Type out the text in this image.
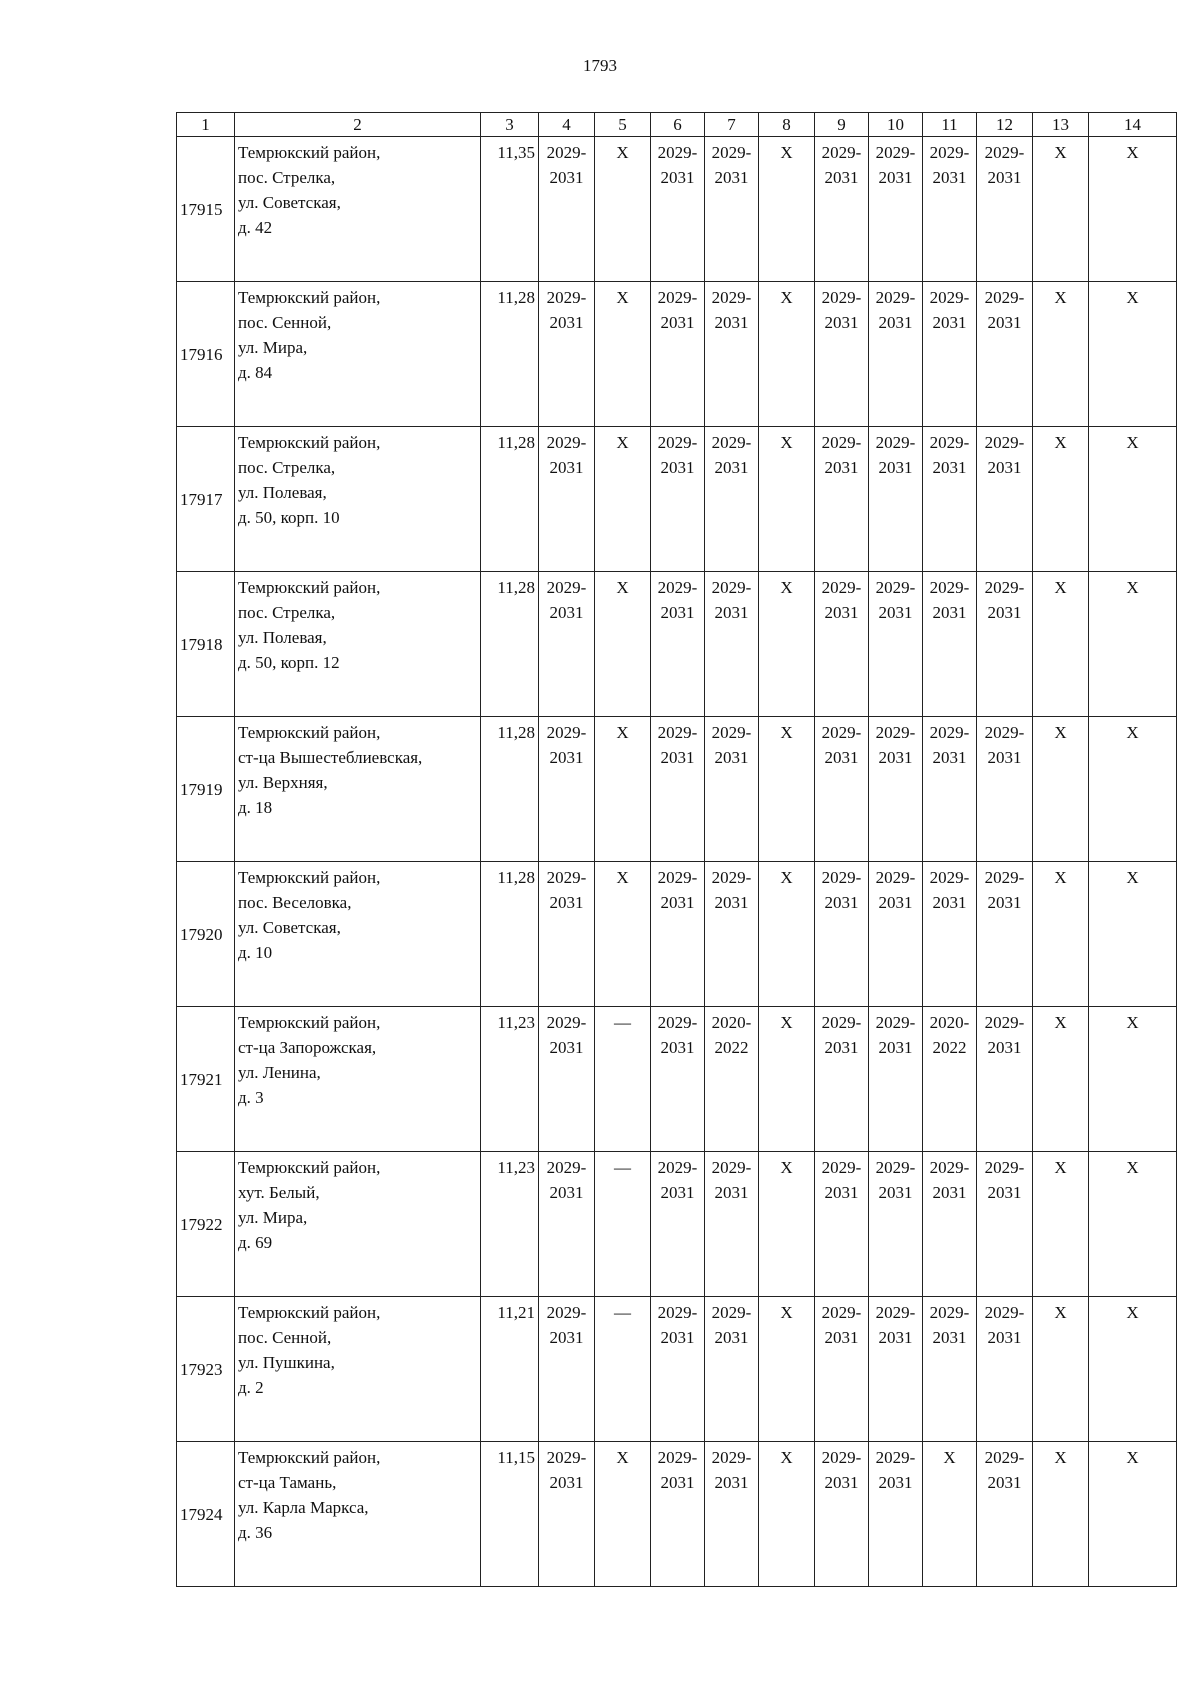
1793
1	2	3	4	5	6	7	8	9	10	11	12	13	14
17915	Темрюкский район,
пос. Стрелка,
ул. Советская,
д. 42	11,35	2029-
2031	X	2029-
2031	2029-
2031	X	2029-
2031	2029-
2031	2029-
2031	2029-
2031	X	X

17916	Темрюкский район,
пос. Сенной,
ул. Мира,
д. 84	11,28	2029-
2031	X	2029-
2031	2029-
2031	X	2029-
2031	2029-
2031	2029-
2031	2029-
2031	X	X

17917	Темрюкский район,
пос. Стрелка,
ул. Полевая,
д. 50, корп. 10	11,28	2029-
2031	X	2029-
2031	2029-
2031	X	2029-
2031	2029-
2031	2029-
2031	2029-
2031	X	X

17918	Темрюкский район,
пос. Стрелка,
ул. Полевая,
д. 50, корп. 12	11,28	2029-
2031	X	2029-
2031	2029-
2031	X	2029-
2031	2029-
2031	2029-
2031	2029-
2031	X	X

17919	Темрюкский район,
ст-ца Вышестеблиевская,
ул. Верхняя,
д. 18	11,28	2029-
2031	X	2029-
2031	2029-
2031	X	2029-
2031	2029-
2031	2029-
2031	2029-
2031	X	X

17920	Темрюкский район,
пос. Веселовка,
ул. Советская,
д. 10	11,28	2029-
2031	X	2029-
2031	2029-
2031	X	2029-
2031	2029-
2031	2029-
2031	2029-
2031	X	X

17921	Темрюкский район,
ст-ца Запорожская,
ул. Ленина,
д. 3	11,23	2029-
2031	—	2029-
2031	2020-
2022	X	2029-
2031	2029-
2031	2020-
2022	2029-
2031	X	X

17922	Темрюкский район,
хут. Белый,
ул. Мира,
д. 69	11,23	2029-
2031	—	2029-
2031	2029-
2031	X	2029-
2031	2029-
2031	2029-
2031	2029-
2031	X	X

17923	Темрюкский район,
пос. Сенной,
ул. Пушкина,
д. 2	11,21	2029-
2031	—	2029-
2031	2029-
2031	X	2029-
2031	2029-
2031	2029-
2031	2029-
2031	X	X

17924	Темрюкский район,
ст-ца Тамань,
ул. Карла Маркса,
д. 36	11,15	2029-
2031	X	2029-
2031	2029-
2031	X	2029-
2031	2029-
2031	X	2029-
2031	X	X
